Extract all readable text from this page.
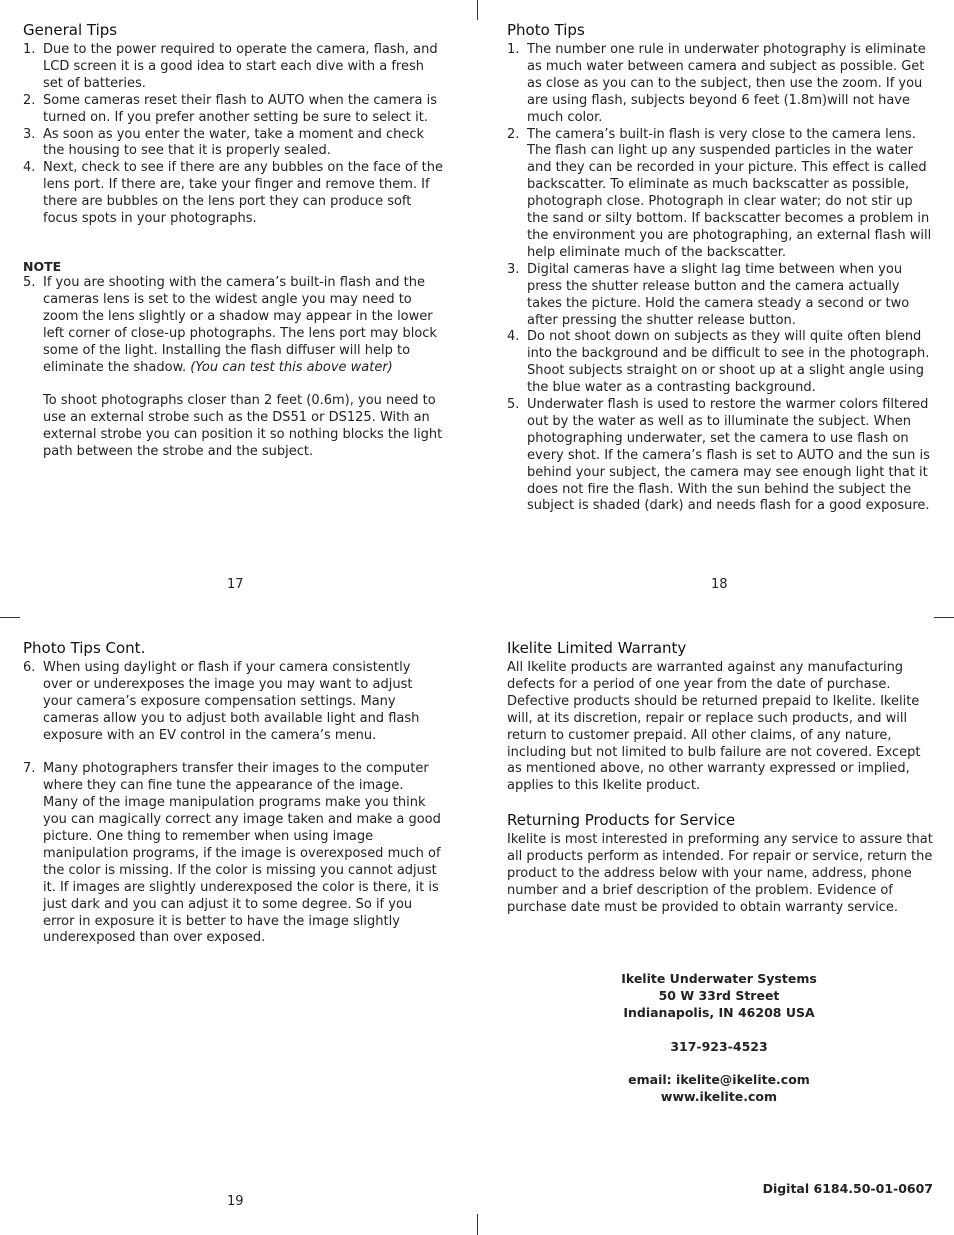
General Tips
1. Due to the power required to operate the camera, flash, and LCD screen it is a good idea to start each dive with a fresh set of batteries.
2. Some cameras reset their flash to AUTO when the camera is turned on. If you prefer another setting be sure to select it.
3. As soon as you enter the water, take a moment and check the housing to see that it is properly sealed.
4. Next, check to see if there are any bubbles on the face of the lens port. If there are, take your finger and remove them. If there are bubbles on the lens port they can produce soft focus spots in your photographs.
NOTE
5. If you are shooting with the camera’s built-in flash and the cameras lens is set to the widest angle you may need to zoom the lens slightly or a shadow may appear in the lower left corner of close-up photographs. The lens port may block some of the light. Installing the flash diffuser will help to eliminate the shadow. (You can test this above water)
To shoot photographs closer than 2 feet (0.6m), you need to use an external strobe such as the DS51 or DS125. With an external strobe you can position it so nothing blocks the light path between the strobe and the subject.
17
Photo Tips
1. The number one rule in underwater photography is eliminate as much water between camera and subject as possible. Get as close as you can to the subject, then use the zoom. If you are using flash, subjects beyond 6 feet (1.8m)will not have much color.
2. The camera’s built-in flash is very close to the camera lens. The flash can light up any suspended particles in the water and they can be recorded in your picture. This effect is called backscatter. To eliminate as much backscatter as possible, photograph close. Photograph in clear water; do not stir up the sand or silty bottom. If backscatter becomes a problem in the environment you are photographing, an external flash will help eliminate much of the backscatter.
3. Digital cameras have a slight lag time between when you press the shutter release button and the camera actually takes the picture. Hold the camera steady a second or two after pressing the shutter release button.
4. Do not shoot down on subjects as they will quite often blend into the background and be difficult to see in the photograph. Shoot subjects straight on or shoot up at a slight angle using the blue water as a contrasting background.
5. Underwater flash is used to restore the warmer colors filtered out by the water as well as to illuminate the subject. When photographing underwater, set the camera to use flash on every shot. If the camera’s flash is set to AUTO and the sun is behind your subject, the camera may see enough light that it does not fire the flash. With the sun behind the subject the subject is shaded (dark) and needs flash for a good exposure.
18
Photo Tips Cont.
6. When using daylight or flash if your camera consistently over or underexposes the image you may want to adjust your camera’s exposure compensation settings. Many cameras allow you to adjust both available light and flash exposure with an EV control in the camera’s menu.
7. Many photographers transfer their images to the computer where they can fine tune the appearance of the image. Many of the image manipulation programs make you think you can magically correct any image taken and make a good picture. One thing to remember when using image manipulation programs, if the image is overexposed much of the color is missing. If the color is missing you cannot adjust it. If images are slightly underexposed the color is there, it is just dark and you can adjust it to some degree. So if you error in exposure it is better to have the image slightly underexposed than over exposed.
19
Ikelite Limited Warranty

All Ikelite products are warranted against any manufacturing defects for a period of one year from the date of purchase. Defective products should be returned prepaid to Ikelite. Ikelite will, at its discretion, repair or replace such products, and will return to customer prepaid. All other claims, of any nature, including but not limited to bulb failure are not covered. Except as mentioned above, no other warranty expressed or implied, applies to this Ikelite product.

Returning Products for Service

Ikelite is most interested in preforming any service to assure that all products perform as intended. For repair or service, return the product to the address below with your name, address, phone number and a brief description of the problem. Evidence of purchase date must be provided to obtain warranty service.

Ikelite Underwater Systems
50 W 33rd Street
Indianapolis, IN 46208 USA
317-923-4523
email: ikelite@ikelite.com
www.ikelite.com
Digital 6184.50-01-0607
